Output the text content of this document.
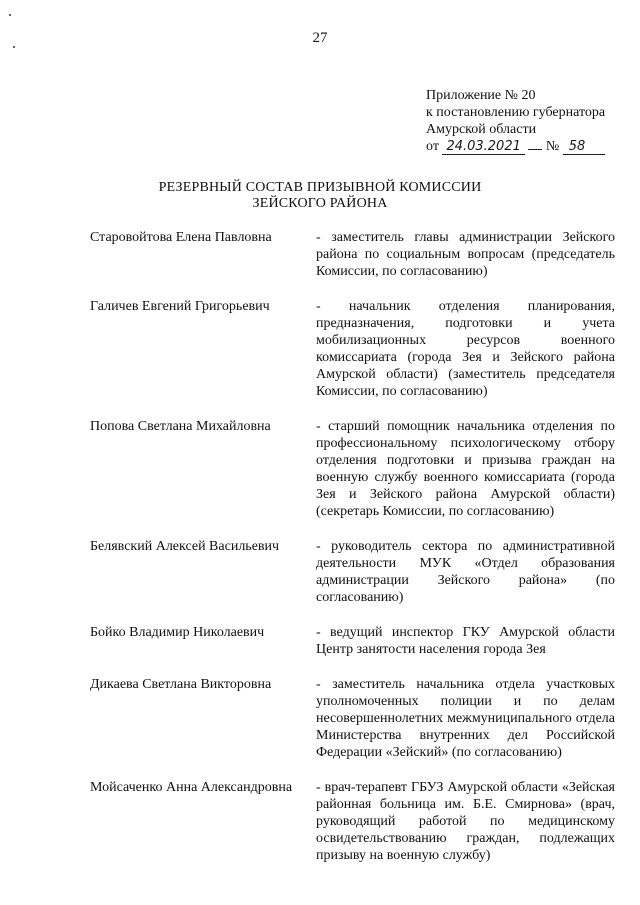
27
Приложение № 20
к постановлению губернатора
Амурской области
от 24.03.2021 № 58
РЕЗЕРВНЫЙ СОСТАВ ПРИЗЫВНОЙ КОМИССИИ
ЗЕЙСКОГО РАЙОНА
Старовойтова Елена Павловна	- заместитель главы администрации Зейского района по социальным вопросам (председатель Комиссии, по согласованию)
Галичев Евгений Григорьевич	- начальник отделения планирования, предназначения, подготовки и учета мобилизационных ресурсов военного комиссариата (города Зея и Зейского района Амурской области) (заместитель председателя Комиссии, по согласованию)
Попова Светлана Михайловна	- старший помощник начальника отделения по профессиональному психологическому отбору отделения подготовки и призыва граждан на военную службу военного комиссариата (города Зея и Зейского района Амурской области) (секретарь Комиссии, по согласованию)
Белявский Алексей Васильевич	- руководитель сектора по административной деятельности МУК «Отдел образования администрации Зейского района» (по согласованию)
Бойко Владимир Николаевич	- ведущий инспектор ГКУ Амурской области Центр занятости населения города Зея
Дикаева Светлана Викторовна	- заместитель начальника отдела участковых уполномоченных полиции и по делам несовершеннолетних межмуниципального отдела Министерства внутренних дел Российской Федерации «Зейский» (по согласованию)
Мойсаченко Анна Александровна	- врач-терапевт ГБУЗ Амурской области «Зейская районная больница им. Б.Е. Смирнова» (врач, руководящий работой по медицинскому освидетельствованию граждан, подлежащих призыву на военную службу)
